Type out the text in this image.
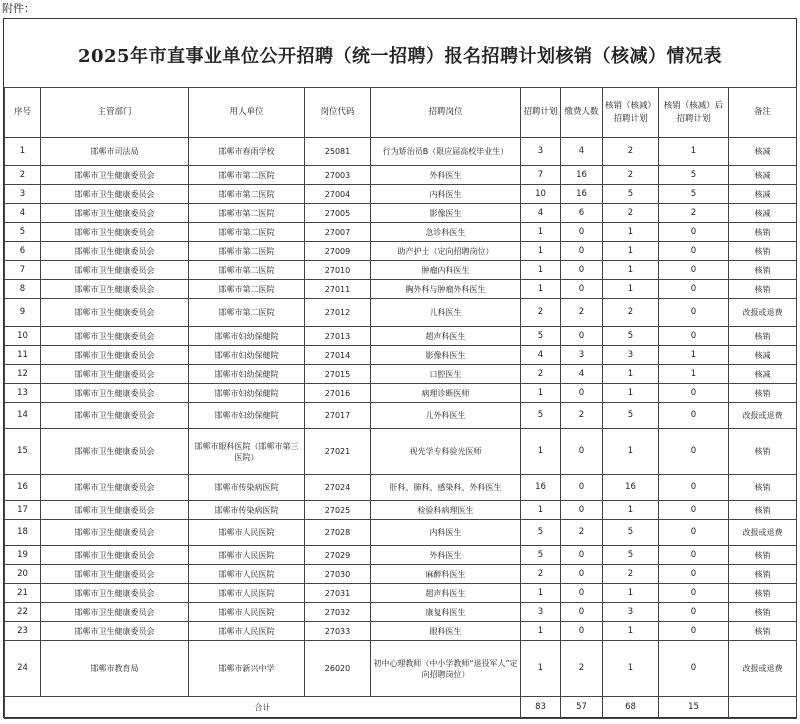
附件：
2025年市直事业单位公开招聘（统一招聘）报名招聘计划核销（核减）情况表
序号	主管部门	用人单位	岗位代码	招聘岗位	招聘计划	缴费人数	核销（核减）招聘计划	核销（核减）后招聘计划	备注
1	邯郸市司法局	邯郸市春雨学校	25081	行为矫治员B（限应届高校毕业生）	3	4	2	1	核减
2	邯郸市卫生健康委员会	邯郸市第二医院	27003	外科医生	7	16	2	5	核减
3	邯郸市卫生健康委员会	邯郸市第二医院	27004	内科医生	10	16	5	5	核减
4	邯郸市卫生健康委员会	邯郸市第二医院	27005	影像医生	4	6	2	2	核减
5	邯郸市卫生健康委员会	邯郸市第二医院	27007	急诊科医生	1	0	1	0	核销
6	邯郸市卫生健康委员会	邯郸市第二医院	27009	助产护士（定向招聘岗位）	1	0	1	0	核销
7	邯郸市卫生健康委员会	邯郸市第二医院	27010	肿瘤内科医生	1	0	1	0	核销
8	邯郸市卫生健康委员会	邯郸市第二医院	27011	胸外科与肿瘤外科医生	1	0	1	0	核销
9	邯郸市卫生健康委员会	邯郸市第二医院	27012	儿科医生	2	2	2	0	改报或退费
10	邯郸市卫生健康委员会	邯郸市妇幼保健院	27013	超声科医生	5	0	5	0	核销
11	邯郸市卫生健康委员会	邯郸市妇幼保健院	27014	影像科医生	4	3	3	1	核减
12	邯郸市卫生健康委员会	邯郸市妇幼保健院	27015	口腔医生	2	4	1	1	核减
13	邯郸市卫生健康委员会	邯郸市妇幼保健院	27016	病理诊断医师	1	0	1	0	核销
14	邯郸市卫生健康委员会	邯郸市妇幼保健院	27017	儿外科医生	5	2	5	0	改报或退费
15	邯郸市卫生健康委员会	邯郸市眼科医院（邯郸市第三医院）	27021	视光学专科验光医师	1	0	1	0	核销
16	邯郸市卫生健康委员会	邯郸市传染病医院	27024	肝科、肺科、感染科、外科医生	16	0	16	0	核销
17	邯郸市卫生健康委员会	邯郸市传染病医院	27025	检验科病理医生	1	0	1	0	核销
18	邯郸市卫生健康委员会	邯郸市人民医院	27028	内科医生	5	2	5	0	改报或退费
19	邯郸市卫生健康委员会	邯郸市人民医院	27029	外科医生	5	0	5	0	核销
20	邯郸市卫生健康委员会	邯郸市人民医院	27030	麻醉科医生	2	0	2	0	核销
21	邯郸市卫生健康委员会	邯郸市人民医院	27031	超声科医生	1	0	1	0	核销
22	邯郸市卫生健康委员会	邯郸市人民医院	27032	康复科医生	3	0	3	0	核销
23	邯郸市卫生健康委员会	邯郸市人民医院	27033	眼科医生	1	0	1	0	核销
24	邯郸市教育局	邯郸市新兴中学	26020	初中心理教师（中小学教师“退役军人”定向招聘岗位）	1	2	1	0	改报或退费
合计					83	57	68	15	
